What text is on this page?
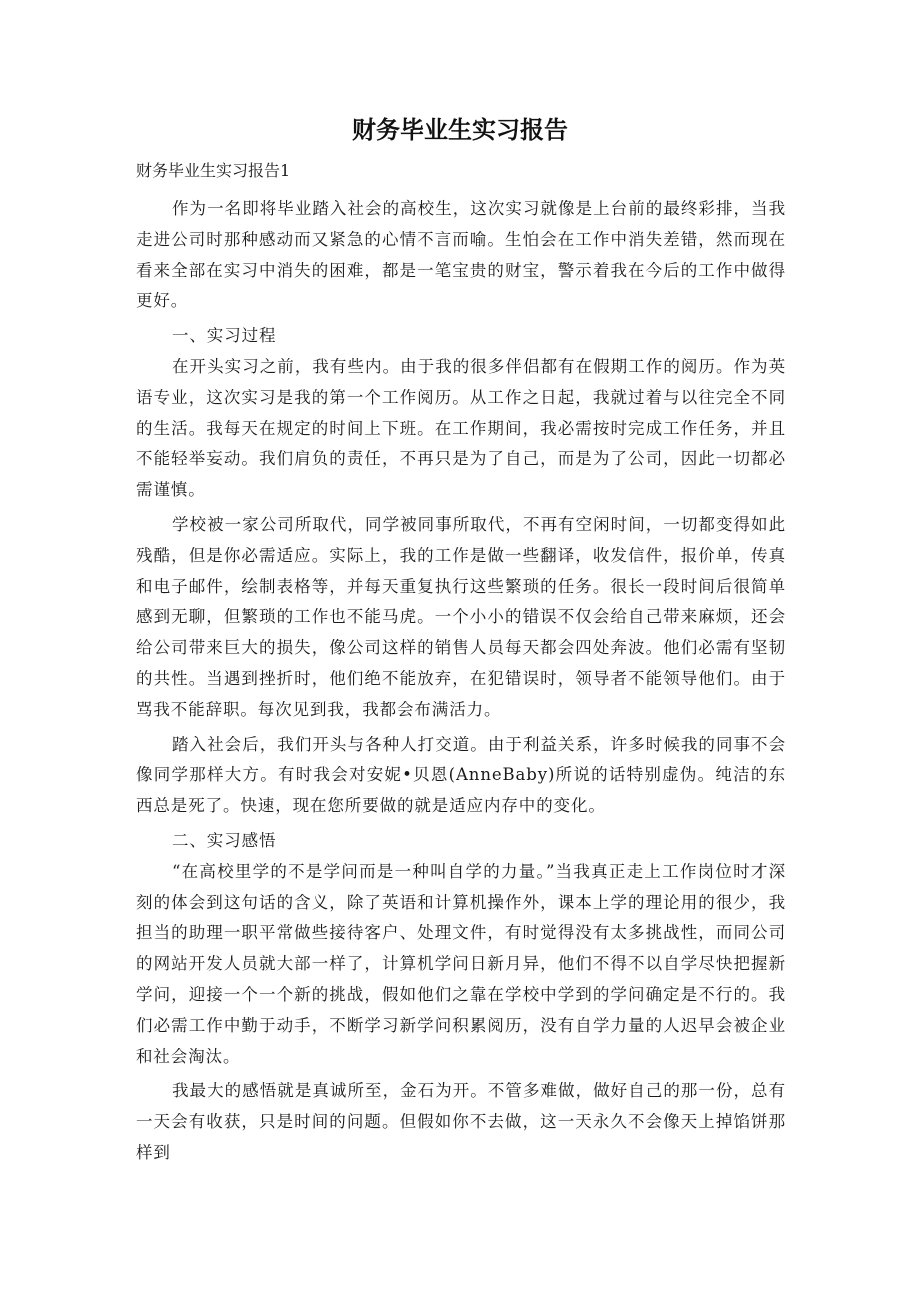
财务毕业生实习报告

财务毕业生实习报告1

作为一名即将毕业踏入社会的高校生，这次实习就像是上台前的最终彩排，当我走进公司时那种感动而又紧急的心情不言而喻。生怕会在工作中消失差错，然而现在看来全部在实习中消失的困难，都是一笔宝贵的财宝，警示着我在今后的工作中做得更好。

一、实习过程

在开头实习之前，我有些内。由于我的很多伴侣都有在假期工作的阅历。作为英语专业，这次实习是我的第一个工作阅历。从工作之日起，我就过着与以往完全不同的生活。我每天在规定的时间上下班。在工作期间，我必需按时完成工作任务，并且不能轻举妄动。我们肩负的责任，不再只是为了自己，而是为了公司，因此一切都必需谨慎。

学校被一家公司所取代，同学被同事所取代，不再有空闲时间，一切都变得如此残酷，但是你必需适应。实际上，我的工作是做一些翻译，收发信件，报价单，传真和电子邮件，绘制表格等，并每天重复执行这些繁琐的任务。很长一段时间后很简单感到无聊，但繁琐的工作也不能马虎。一个小小的错误不仅会给自己带来麻烦，还会给公司带来巨大的损失，像公司这样的销售人员每天都会四处奔波。他们必需有坚韧的共性。当遇到挫折时，他们绝不能放弃，在犯错误时，领导者不能领导他们。由于骂我不能辞职。每次见到我，我都会布满活力。

踏入社会后，我们开头与各种人打交道。由于利益关系，许多时候我的同事不会像同学那样大方。有时我会对安妮•贝恩(AnneBaby)所说的话特别虚伪。纯洁的东西总是死了。快速，现在您所要做的就是适应内存中的变化。

二、实习感悟

“在高校里学的不是学问而是一种叫自学的力量。”当我真正走上工作岗位时才深刻的体会到这句话的含义，除了英语和计算机操作外，课本上学的理论用的很少，我担当的助理一职平常做些接待客户、处理文件，有时觉得没有太多挑战性，而同公司的网站开发人员就大部一样了，计算机学问日新月异，他们不得不以自学尽快把握新学问，迎接一个一个新的挑战，假如他们之靠在学校中学到的学问确定是不行的。我们必需工作中勤于动手，不断学习新学问积累阅历，没有自学力量的人迟早会被企业和社会淘汰。

我最大的感悟就是真诚所至，金石为开。不管多难做，做好自己的那一份，总有一天会有收获，只是时间的问题。但假如你不去做，这一天永久不会像天上掉馅饼那样到
